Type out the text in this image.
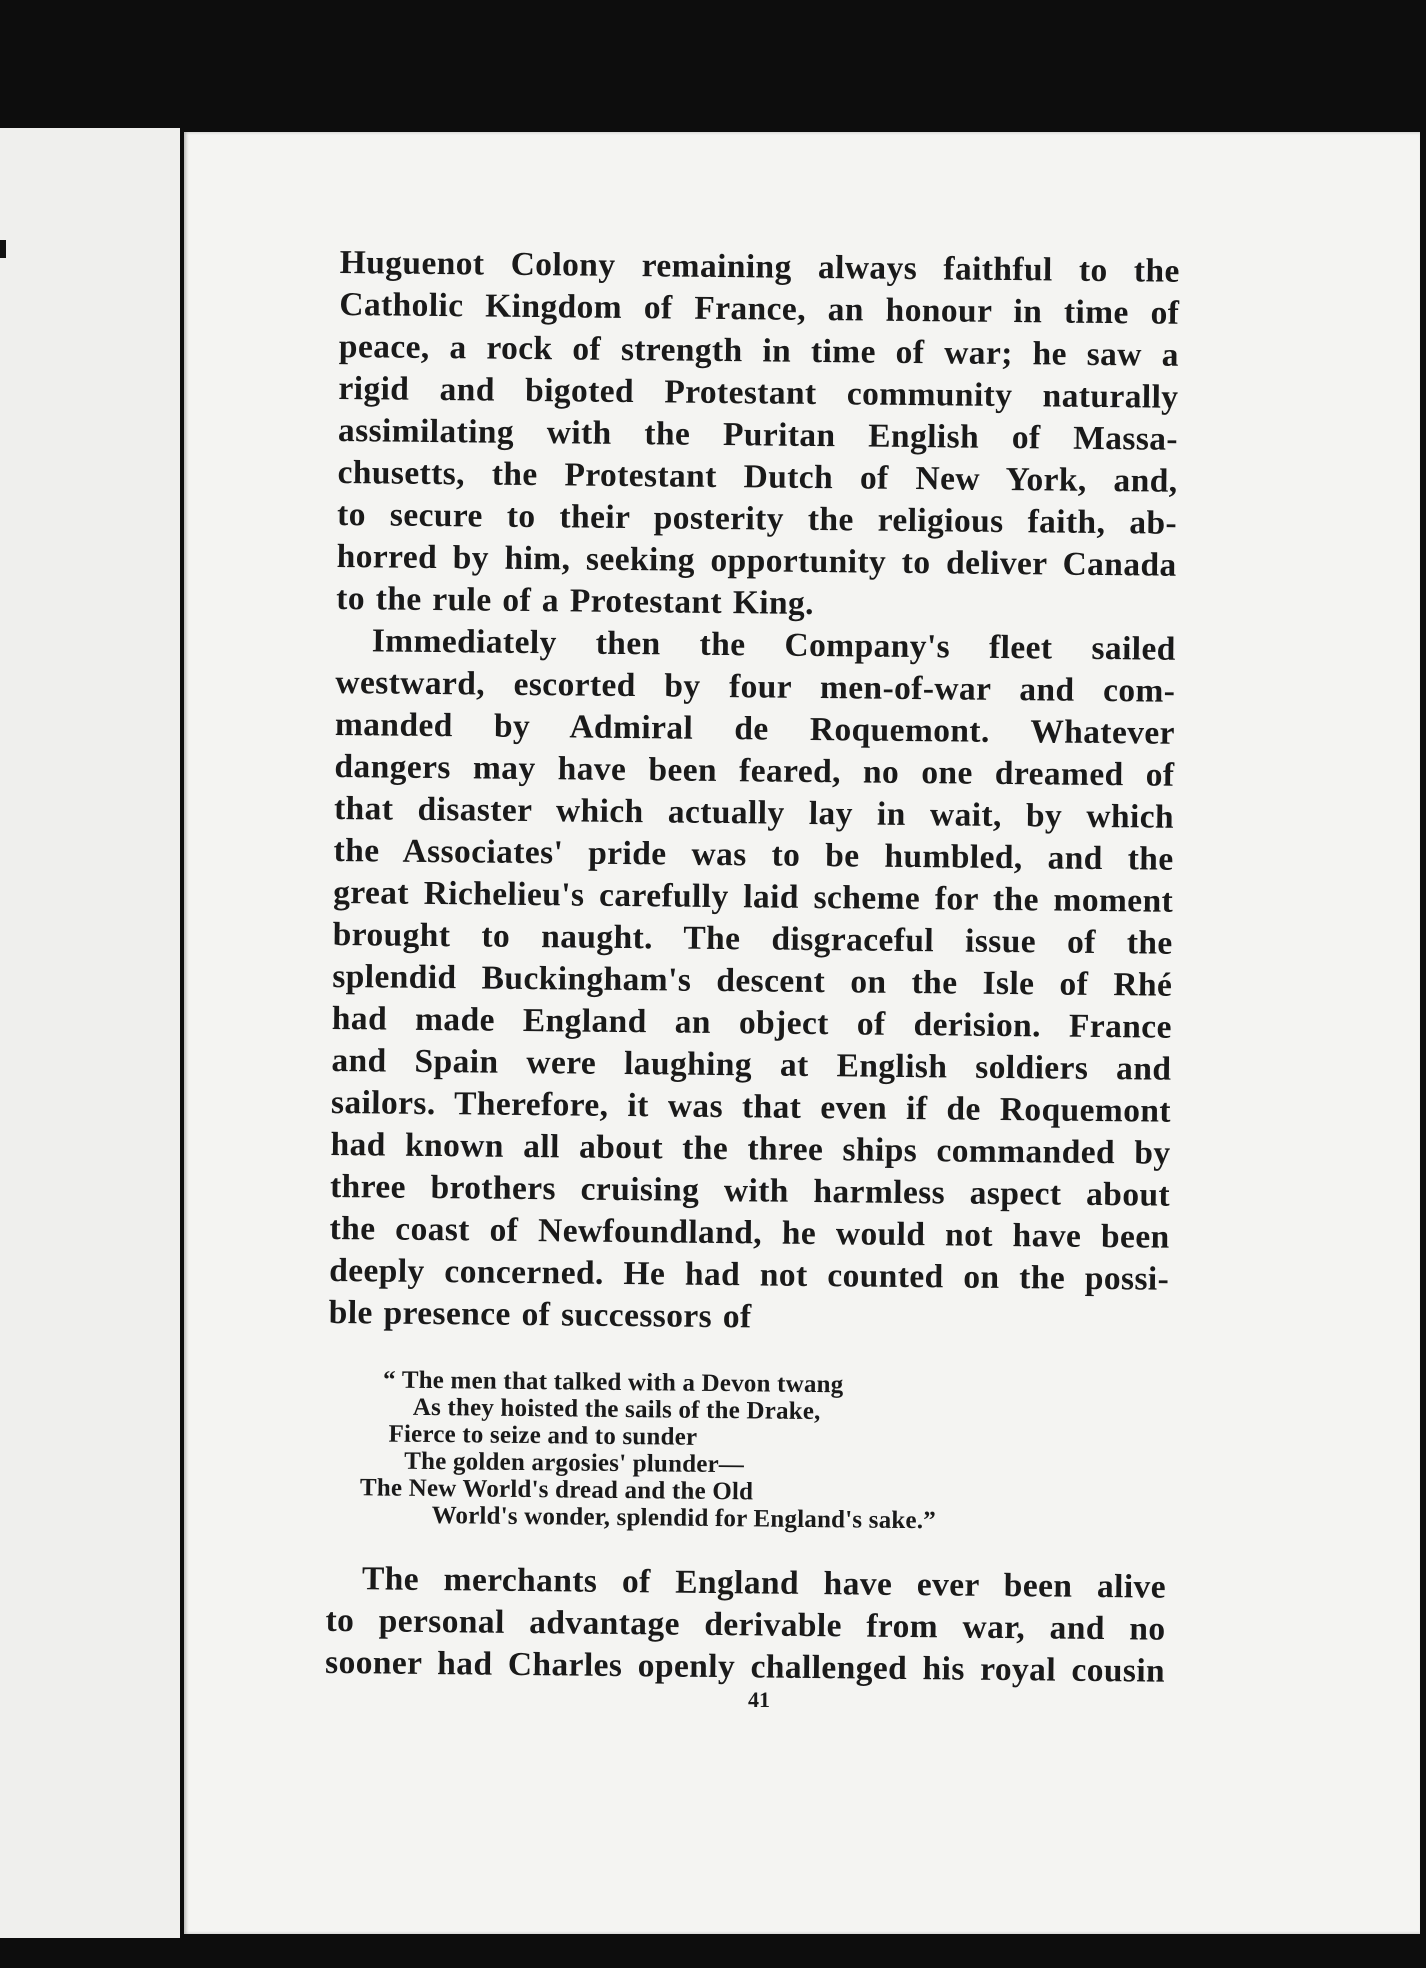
Huguenot Colony remaining always faithful to the
Catholic Kingdom of France, an honour in time of
peace, a rock of strength in time of war; he saw a
rigid and bigoted Protestant community naturally
assimilating with the Puritan English of Massa-
chusetts, the Protestant Dutch of New York, and,
to secure to their posterity the religious faith, ab-
horred by him, seeking opportunity to deliver Canada
to the rule of a Protestant King.

Immediately then the Company's fleet sailed
westward, escorted by four men-of-war and com-
manded by Admiral de Roquemont. Whatever
dangers may have been feared, no one dreamed of
that disaster which actually lay in wait, by which
the Associates' pride was to be humbled, and the
great Richelieu's carefully laid scheme for the moment
brought to naught. The disgraceful issue of the
splendid Buckingham's descent on the Isle of Rhé
had made England an object of derision. France
and Spain were laughing at English soldiers and
sailors. Therefore, it was that even if de Roquemont
had known all about the three ships commanded by
three brothers cruising with harmless aspect about
the coast of Newfoundland, he would not have been
deeply concerned. He had not counted on the possi-
ble presence of successors of

“ The men that talked with a Devon twang
As they hoisted the sails of the Drake,
Fierce to seize and to sunder
The golden argosies' plunder—
The New World's dread and the Old
World's wonder, splendid for England's sake.”

The merchants of England have ever been alive
to personal advantage derivable from war, and no
sooner had Charles openly challenged his royal cousin

41
